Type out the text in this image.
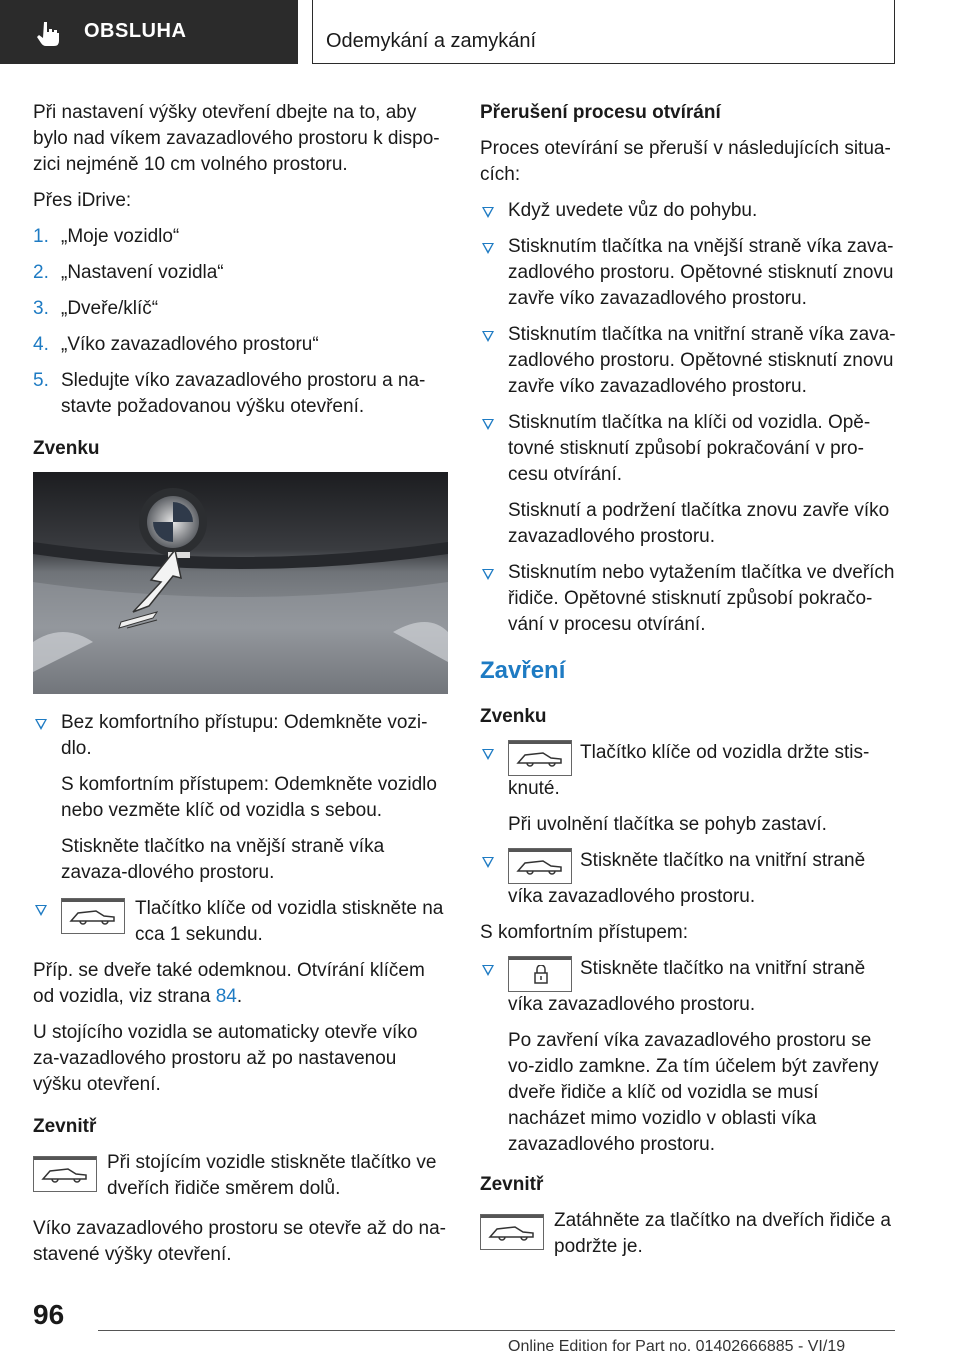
OBSLUHA	Odemykání a zamykání

Při nastavení výšky otevření dbejte na to, aby bylo nad víkem zavazadlového prostoru k dispo-zici nejméně 10 cm volného prostoru.

Přes iDrive:

1. „Moje vozidlo“
2. „Nastavení vozidla“
3. „Dveře/klíč“
4. „Víko zavazadlového prostoru“
5. Sledujte víko zavazadlového prostoru a na-stavte požadovanou výšku otevření.
Zvenku

Bez komfortního přístupu: Odemkněte vozi-dlo.

S komfortním přístupem: Odemkněte vozidlo nebo vezměte klíč od vozidla s sebou.

Stiskněte tlačítko na vnější straně víka zavaza-dlového prostoru.

Tlačítko klíče od vozidla stiskněte na cca 1 sekundu.

Příp. se dveře také odemknou. Otvírání klíčem od vozidla, viz strana 84.

U stojícího vozidla se automaticky otevře víko za-vazadlového prostoru až po nastavenou výšku otevření.

Zevnitř

Při stojícím vozidle stiskněte tlačítko ve dveřích řidiče směrem dolů.

Víko zavazadlového prostoru se otevře až do na-stavené výšky otevření.

Přerušení procesu otvírání

Proces otevírání se přeruší v následujících situa-cích:

Když uvedete vůz do pohybu.

Stisknutím tlačítka na vnější straně víka zava-zadlového prostoru. Opětovné stisknutí znovu zavře víko zavazadlového prostoru.

Stisknutím tlačítka na vnitřní straně víka zava-zadlového prostoru. Opětovné stisknutí znovu zavře víko zavazadlového prostoru.

Stisknutím tlačítka na klíči od vozidla. Opě-tovné stisknutí způsobí pokračování v pro-cesu otvírání.

Stisknutí a podržení tlačítka znovu zavře víko zavazadlového prostoru.

Stisknutím nebo vytažením tlačítka ve dveřích řidiče. Opětovné stisknutí způsobí pokračo-vání v procesu otvírání.

Zavření
Zvenku

Tlačítko klíče od vozidla držte stis-knuté.

Při uvolnění tlačítka se pohyb zastaví.

Stiskněte tlačítko na vnitřní straně víka zavazadlového prostoru.

S komfortním přístupem:

Stiskněte tlačítko na vnitřní straně víka zavazadlového prostoru.

Po zavření víka zavazadlového prostoru se vo-zidlo zamkne. Za tím účelem být zavřeny dveře řidiče a klíč od vozidla se musí nacházet mimo vozidlo v oblasti víka zavazadlového prostoru.

Zevnitř

Zatáhněte za tlačítko na dveřích řidiče a podržte je.

96
Online Edition for Part no. 01402666885 - VI/19
